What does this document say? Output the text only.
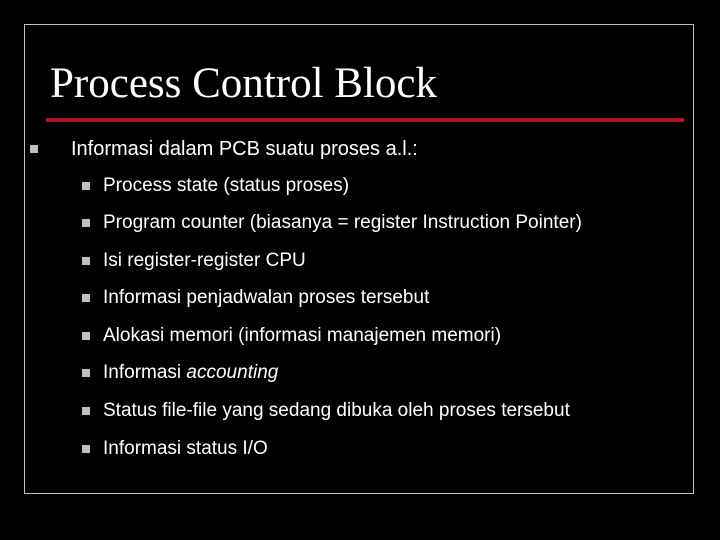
Process Control Block
Informasi dalam PCB suatu proses a.l.:
Process state (status proses)
Program counter (biasanya = register Instruction Pointer)
Isi register-register CPU
Informasi penjadwalan proses tersebut
Alokasi memori (informasi manajemen memori)
Informasi accounting
Status file-file yang sedang dibuka oleh proses tersebut
Informasi status I/O
